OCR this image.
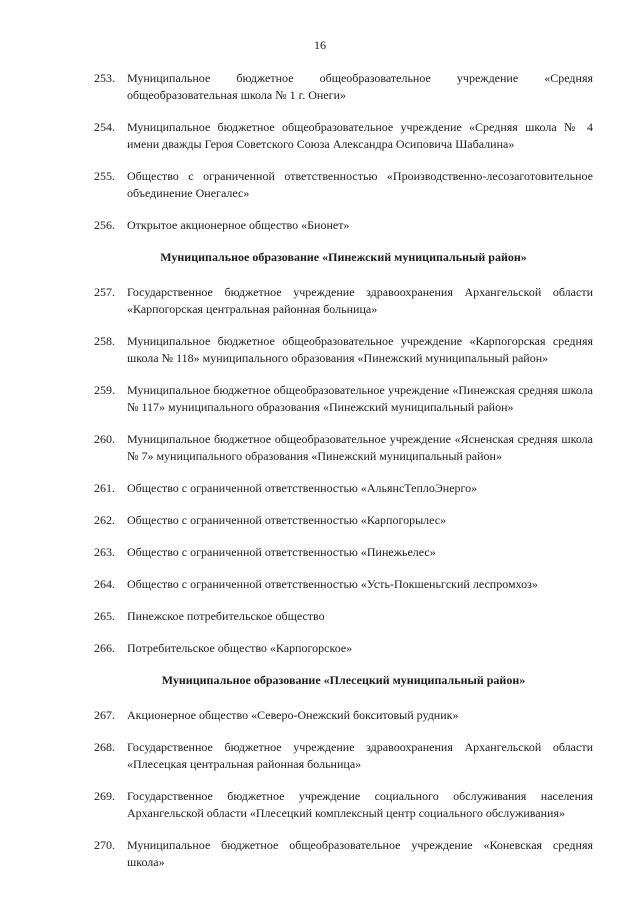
16
253. Муниципальное бюджетное общеобразовательное учреждение «Средняя общеобразовательная школа № 1 г. Онеги»
254. Муниципальное бюджетное общеобразовательное учреждение «Средняя школа № 4 имени дважды Героя Советского Союза Александра Осиповича Шабалина»
255. Общество с ограниченной ответственностью «Производственно-лесозаготовительное объединение Онегалес»
256. Открытое акционерное общество «Бионет»
Муниципальное образование «Пинежский муниципальный район»
257. Государственное бюджетное учреждение здравоохранения Архангельской области «Карпогорская центральная районная больница»
258. Муниципальное бюджетное общеобразовательное учреждение «Карпогорская средняя школа № 118» муниципального образования «Пинежский муниципальный район»
259. Муниципальное бюджетное общеобразовательное учреждение «Пинежская средняя школа № 117» муниципального образования «Пинежский муниципальный район»
260. Муниципальное бюджетное общеобразовательное учреждение «Ясненская средняя школа № 7» муниципального образования «Пинежский муниципальный район»
261. Общество с ограниченной ответственностью «АльянсТеплоЭнерго»
262. Общество с ограниченной ответственностью «Карпогорылес»
263. Общество с ограниченной ответственностью «Пинежьелес»
264. Общество с ограниченной ответственностью «Усть-Покшеньгский леспромхоз»
265. Пинежское потребительское общество
266. Потребительское общество «Карпогорское»
Муниципальное образование «Плесецкий муниципальный район»
267. Акционерное общество «Северо-Онежский бокситовый рудник»
268. Государственное бюджетное учреждение здравоохранения Архангельской области «Плесецкая центральная районная больница»
269. Государственное бюджетное учреждение социального обслуживания населения Архангельской области «Плесецкий комплексный центр социального обслуживания»
270. Муниципальное бюджетное общеобразовательное учреждение «Коневская средняя школа»
